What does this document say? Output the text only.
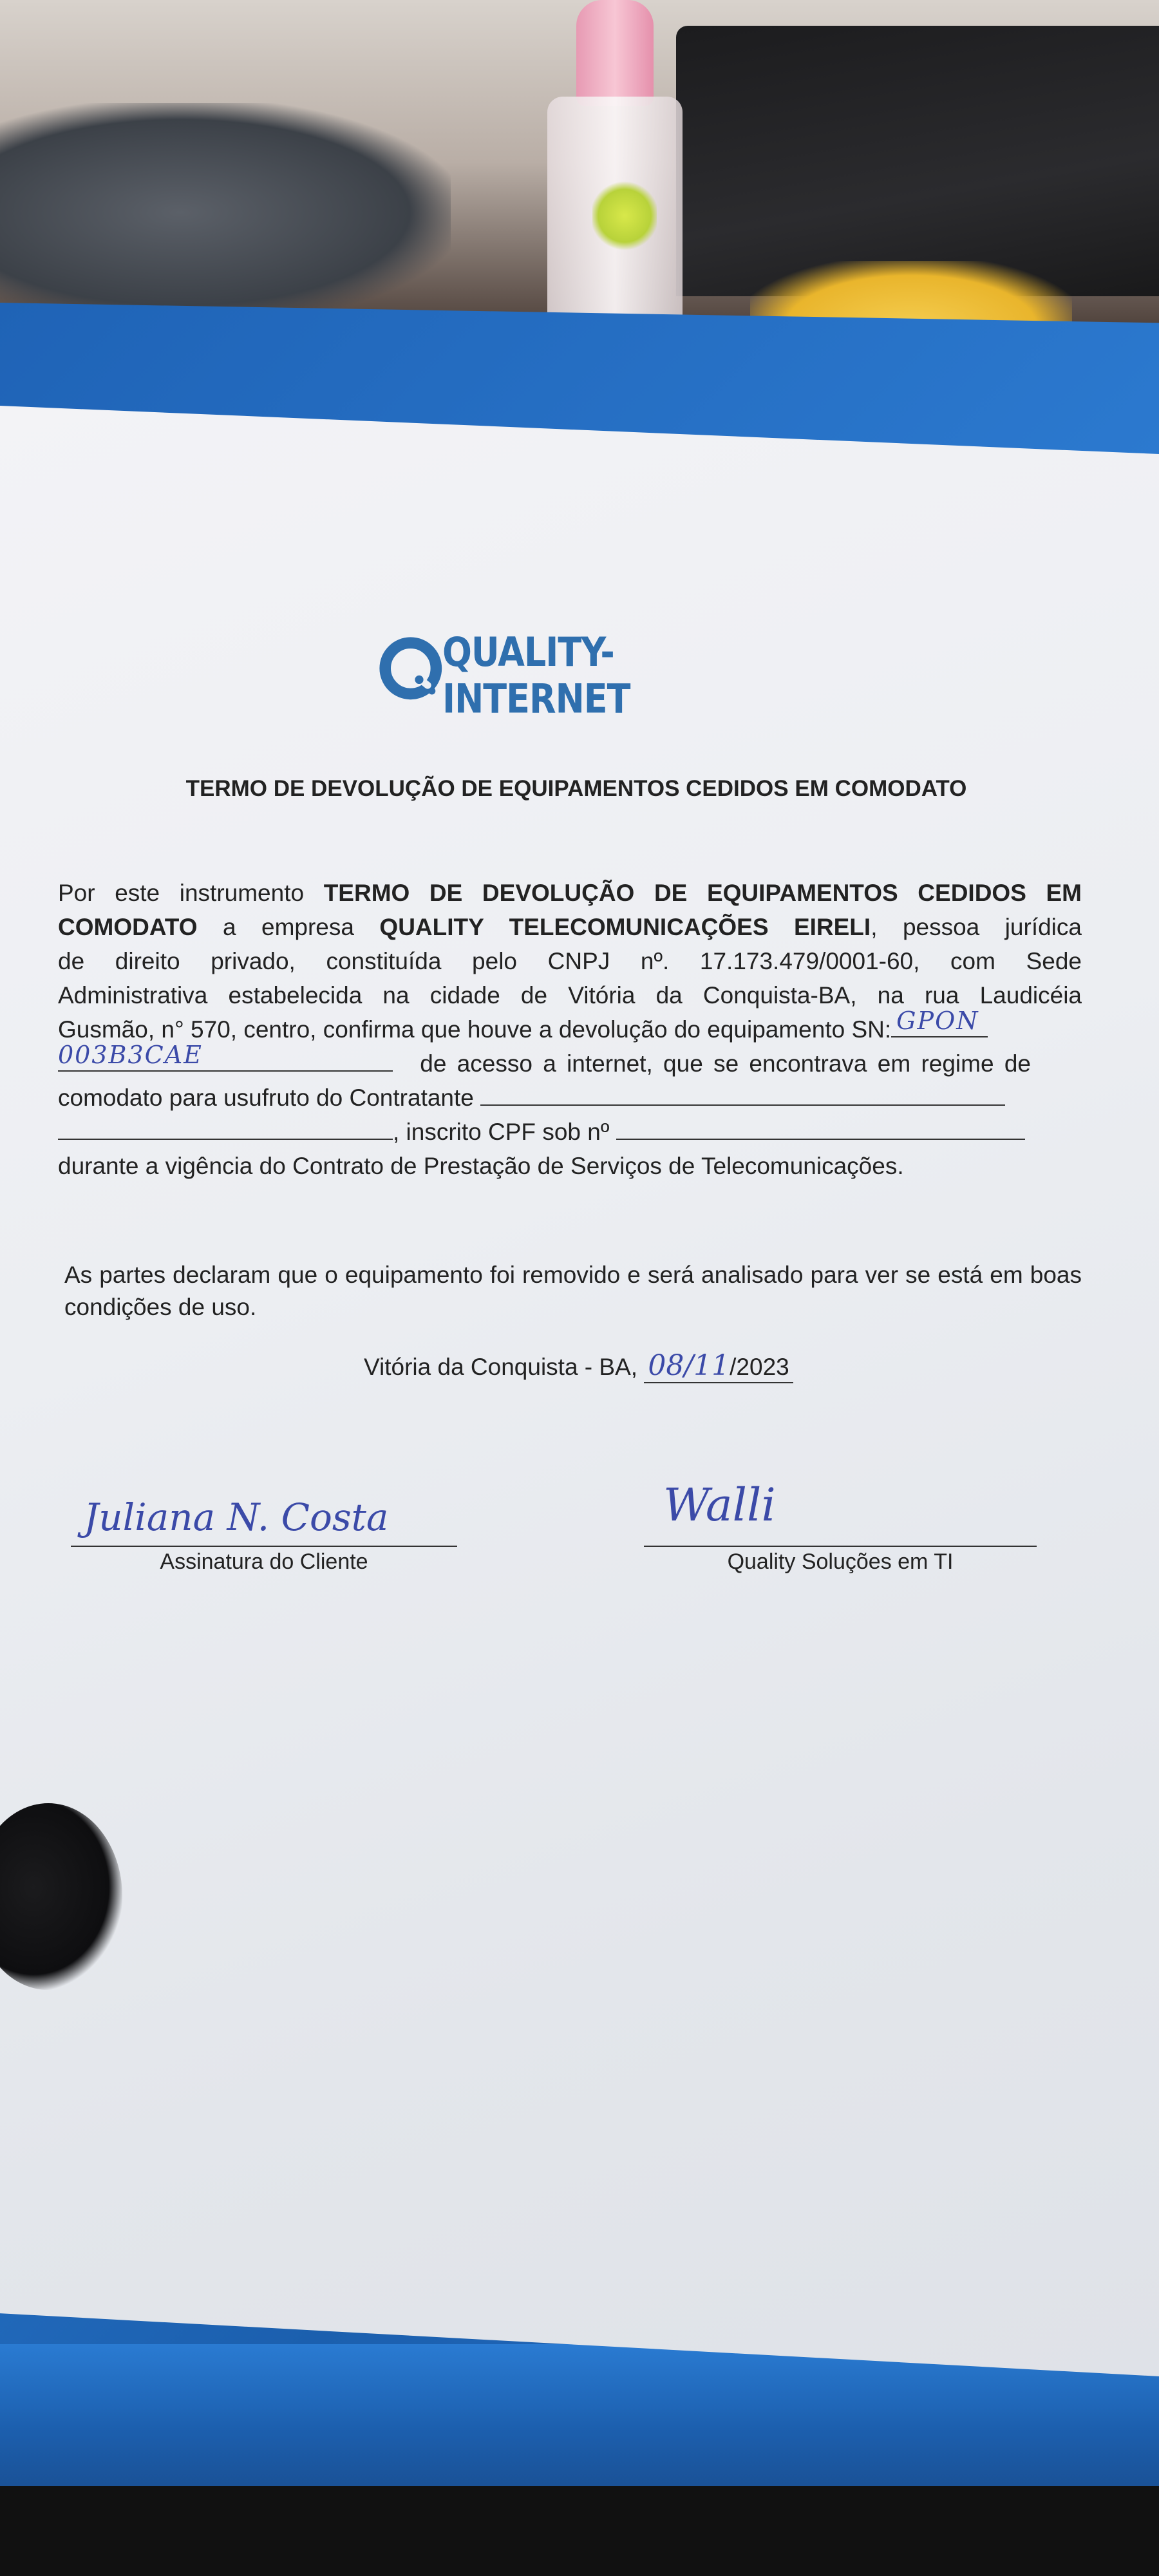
QUALITY-INTERNET
TERMO DE DEVOLUÇÃO DE EQUIPAMENTOS CEDIDOS EM COMODATO
Por este instrumento TERMO DE DEVOLUÇÃO DE EQUIPAMENTOS CEDIDOS EM
COMODATO a empresa QUALITY TELECOMUNICAÇÕES EIRELI, pessoa jurídica
de direito privado, constituída pelo CNPJ nº. 17.173.479/0001-60, com Sede
Administrativa estabelecida na cidade de Vitória da Conquista-BA, na rua Laudicéia
Gusmão, n° 570, centro, confirma que houve a devolução do equipamento SN: GPON
003B3CAE	de acesso a internet, que se encontrava em regime de
comodato para usufruto do Contratante
, inscrito CPF sob nº
durante a vigência do Contrato de Prestação de Serviços de Telecomunicações.
As partes declaram que o equipamento foi removido e será analisado para ver se está em boas condições de uso.
Vitória da Conquista - BA, 08/11/2023
Juliana N. Costa
Assinatura do Cliente
Walli
Quality Soluções em TI
